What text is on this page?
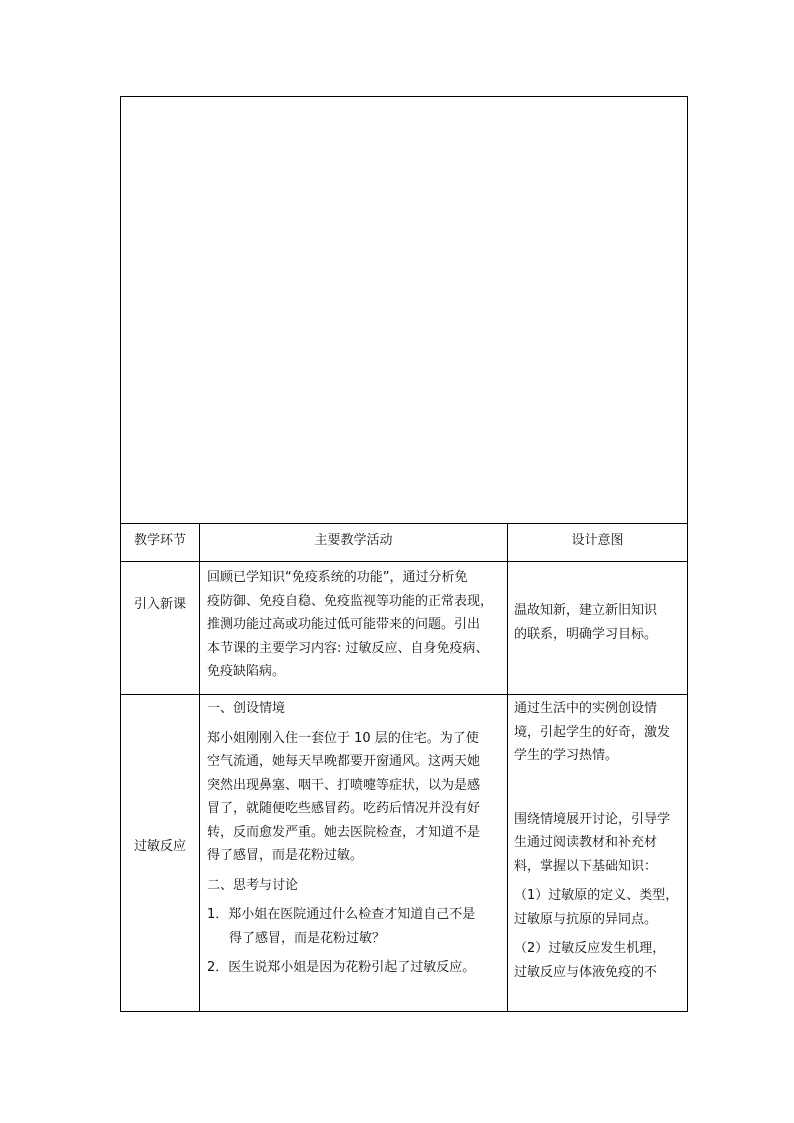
教学环节	主要教学活动	设计意图
引入新课

回顾已学知识“免疫系统的功能”，通过分析免

疫防御、免疫自稳、免疫监视等功能的正常表现，

推测功能过高或功能过低可能带来的问题。引出

本节课的主要学习内容: 过敏反应、自身免疫病、

免疫缺陷病。

温故知新，建立新旧知识

的联系，明确学习目标。

过敏反应

一、创设情境

郑小姐刚刚入住一套位于 10 层的住宅。为了使

空气流通，她每天早晚都要开窗通风。这两天她

突然出现鼻塞、咽干、打喷嚏等症状，以为是感

冒了，就随便吃些感冒药。吃药后情况并没有好

转，反而愈发严重。她去医院检查，才知道不是

得了感冒，而是花粉过敏。

二、思考与讨论

1．郑小姐在医院通过什么检查才知道自己不是

得了感冒，而是花粉过敏？

2．医生说郑小姐是因为花粉引起了过敏反应。

通过生活中的实例创设情

境，引起学生的好奇，激发

学生的学习热情。

围绕情境展开讨论，引导学

生通过阅读教材和补充材

料，掌握以下基础知识：

（1）过敏原的定义、类型，

过敏原与抗原的异同点。

（2）过敏反应发生机理，

过敏反应与体液免疫的不
